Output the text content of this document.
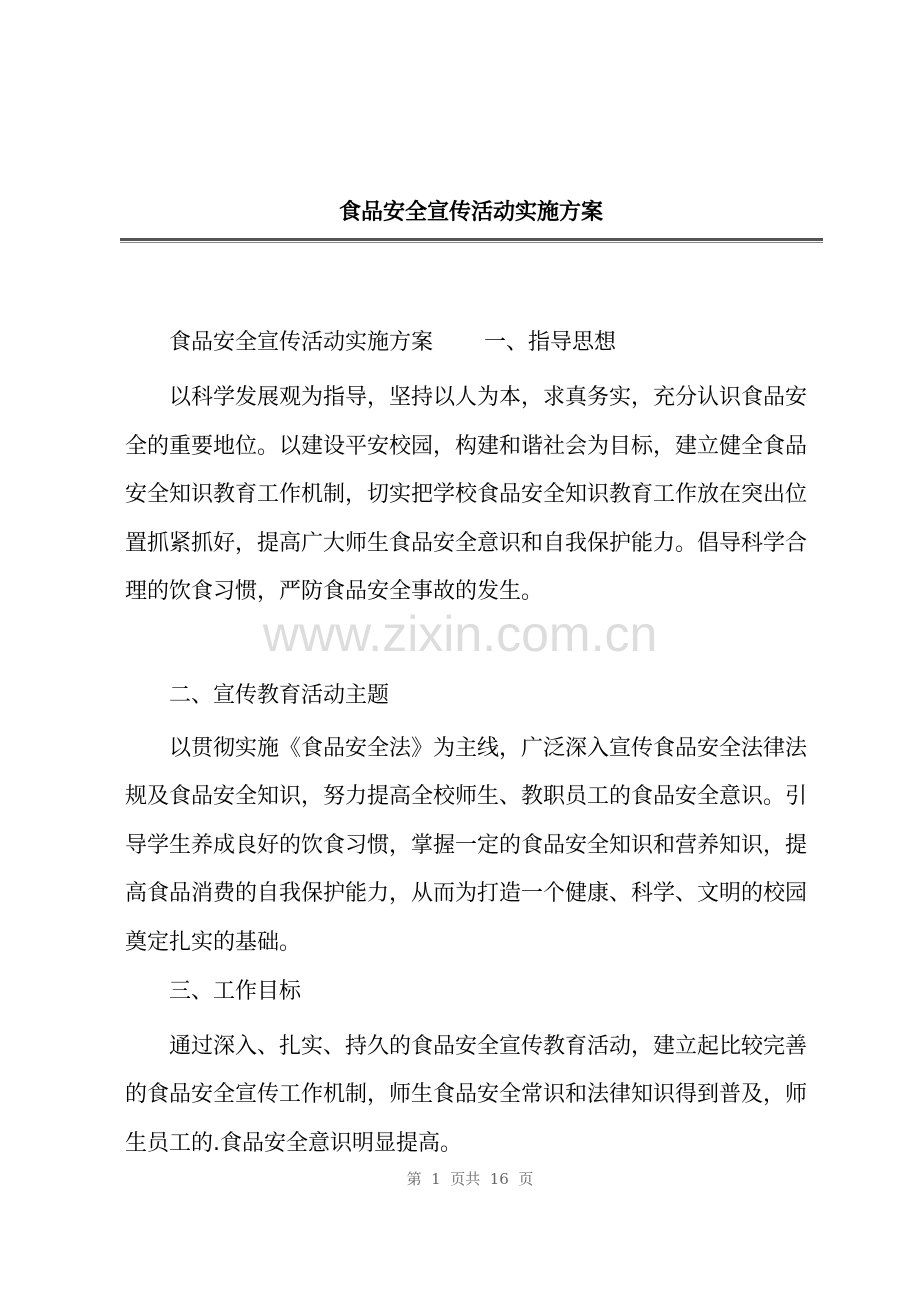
食品安全宣传活动实施方案

食品安全宣传活动实施方案　　 一、指导思想

以科学发展观为指导，坚持以人为本，求真务实，充分认识食品安全的重要地位。以建设平安校园，构建和谐社会为目标，建立健全食品安全知识教育工作机制，切实把学校食品安全知识教育工作放在突出位置抓紧抓好，提高广大师生食品安全意识和自我保护能力。倡导科学合理的饮食习惯，严防食品安全事故的发生。

二、宣传教育活动主题

以贯彻实施《食品安全法》为主线，广泛深入宣传食品安全法律法规及食品安全知识，努力提高全校师生、教职员工的食品安全意识。引导学生养成良好的饮食习惯，掌握一定的食品安全知识和营养知识，提高食品消费的自我保护能力，从而为打造一个健康、科学、文明的校园奠定扎实的基础。

三、工作目标

通过深入、扎实、持久的食品安全宣传教育活动，建立起比较完善的食品安全宣传工作机制，师生食品安全常识和法律知识得到普及，师生员工的.食品安全意识明显提高。

www.zixin.com.cn
第  1  页共  16  页
